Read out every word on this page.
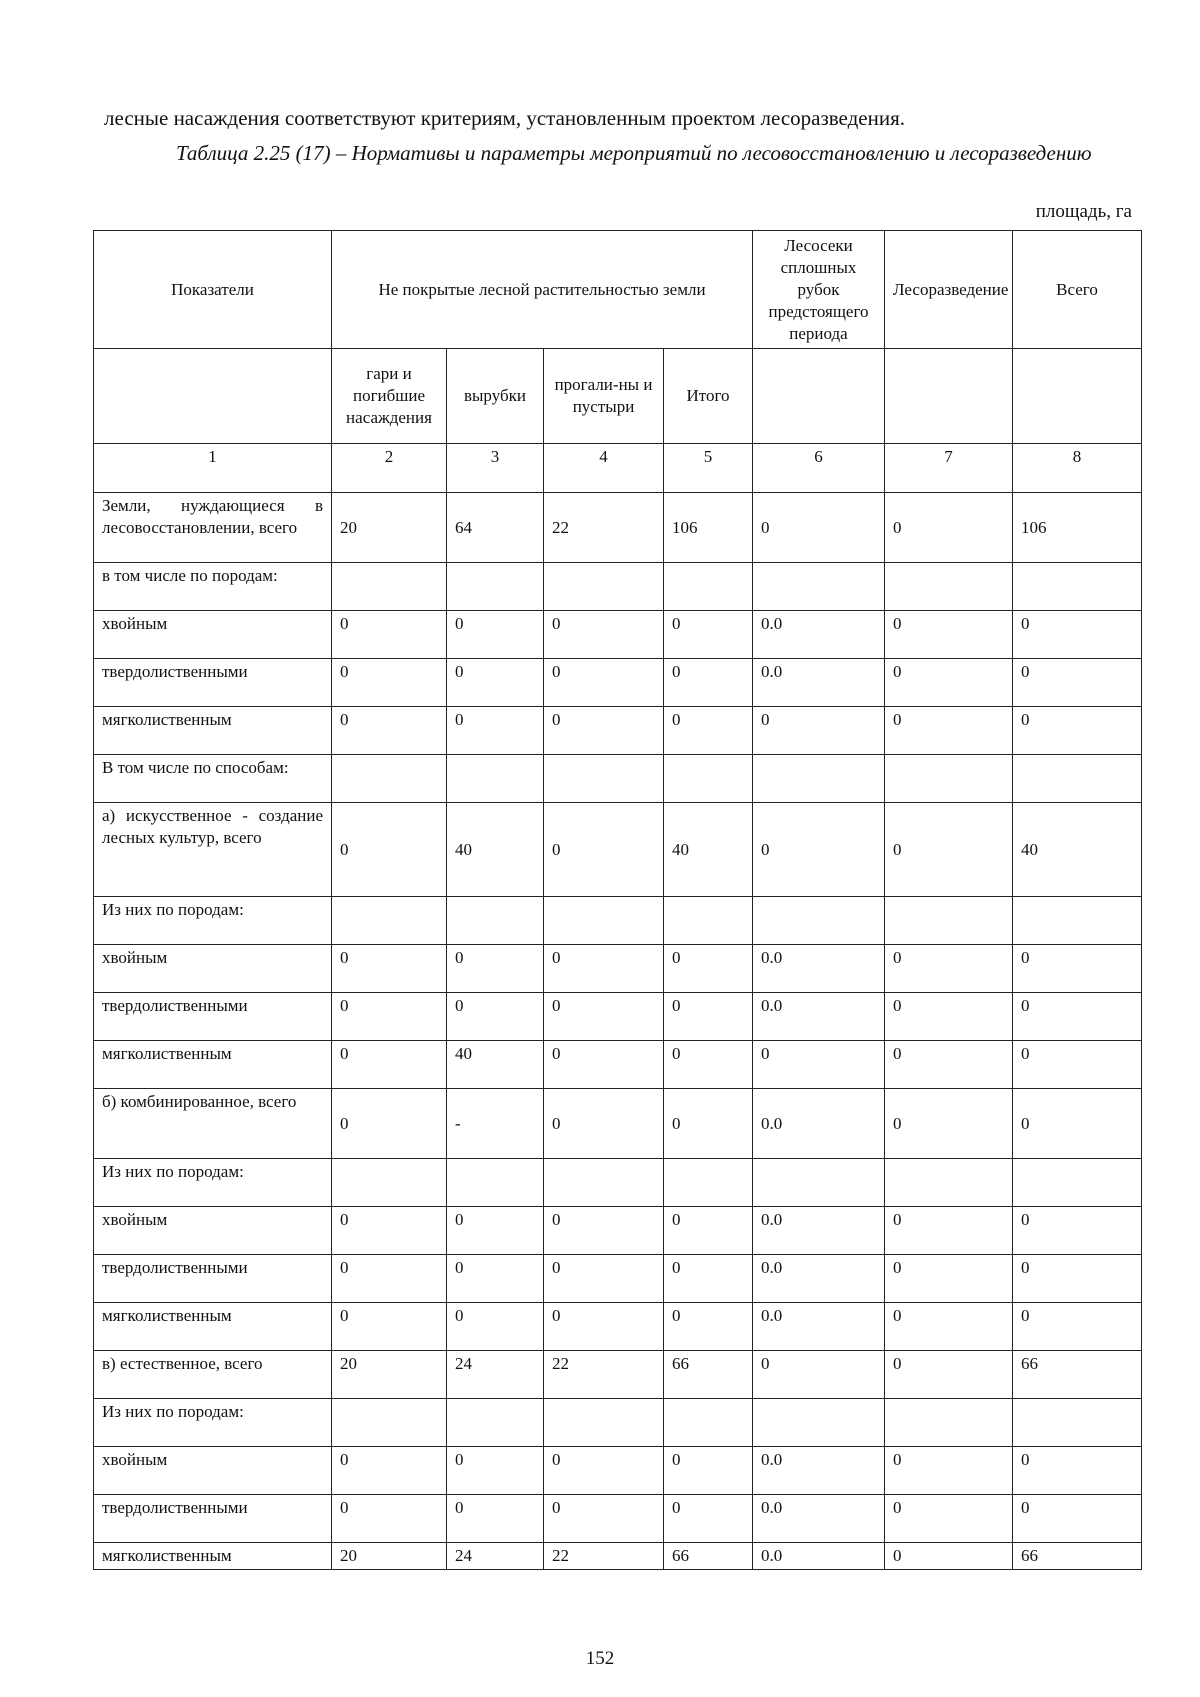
лесные насаждения соответствуют критериям, установленным проектом лесоразведения.
Таблица 2.25 (17) – Нормативы и параметры мероприятий по лесовосстановлению и лесоразведению
площадь, га
Показатели	Не покрытые лесной растительностью земли				Лесосеки сплошных рубок предстоящего периода	Лесоразведение	Всего
	гари и погибшие насаждения	вырубки	прогали-ны и пустыри	Итого			
1	2	3	4	5	6	7	8
Земли, нуждающиеся в лесовосстановлении, всего	20	64	22	106	0	0	106
в том числе по породам:							
хвойным	0	0	0	0	0.0	0	0
твердолиственными	0	0	0	0	0.0	0	0
мягколиственным	0	0	0	0	0	0	0
В том числе по способам:							
а) искусственное - создание лесных культур, всего	0	40	0	40	0	0	40
Из них по породам:							
хвойным	0	0	0	0	0.0	0	0
твердолиственными	0	0	0	0	0.0	0	0
мягколиственным	0	40	0	0	0	0	0
б) комбинированное, всего	0	-	0	0	0.0	0	0
Из них по породам:							
хвойным	0	0	0	0	0.0	0	0
твердолиственными	0	0	0	0	0.0	0	0
мягколиственным	0	0	0	0	0.0	0	0
в) естественное, всего	20	24	22	66	0	0	66
Из них по породам:							
хвойным	0	0	0	0	0.0	0	0
твердолиственными	0	0	0	0	0.0	0	0
мягколиственным	20	24	22	66	0.0	0	66
152
